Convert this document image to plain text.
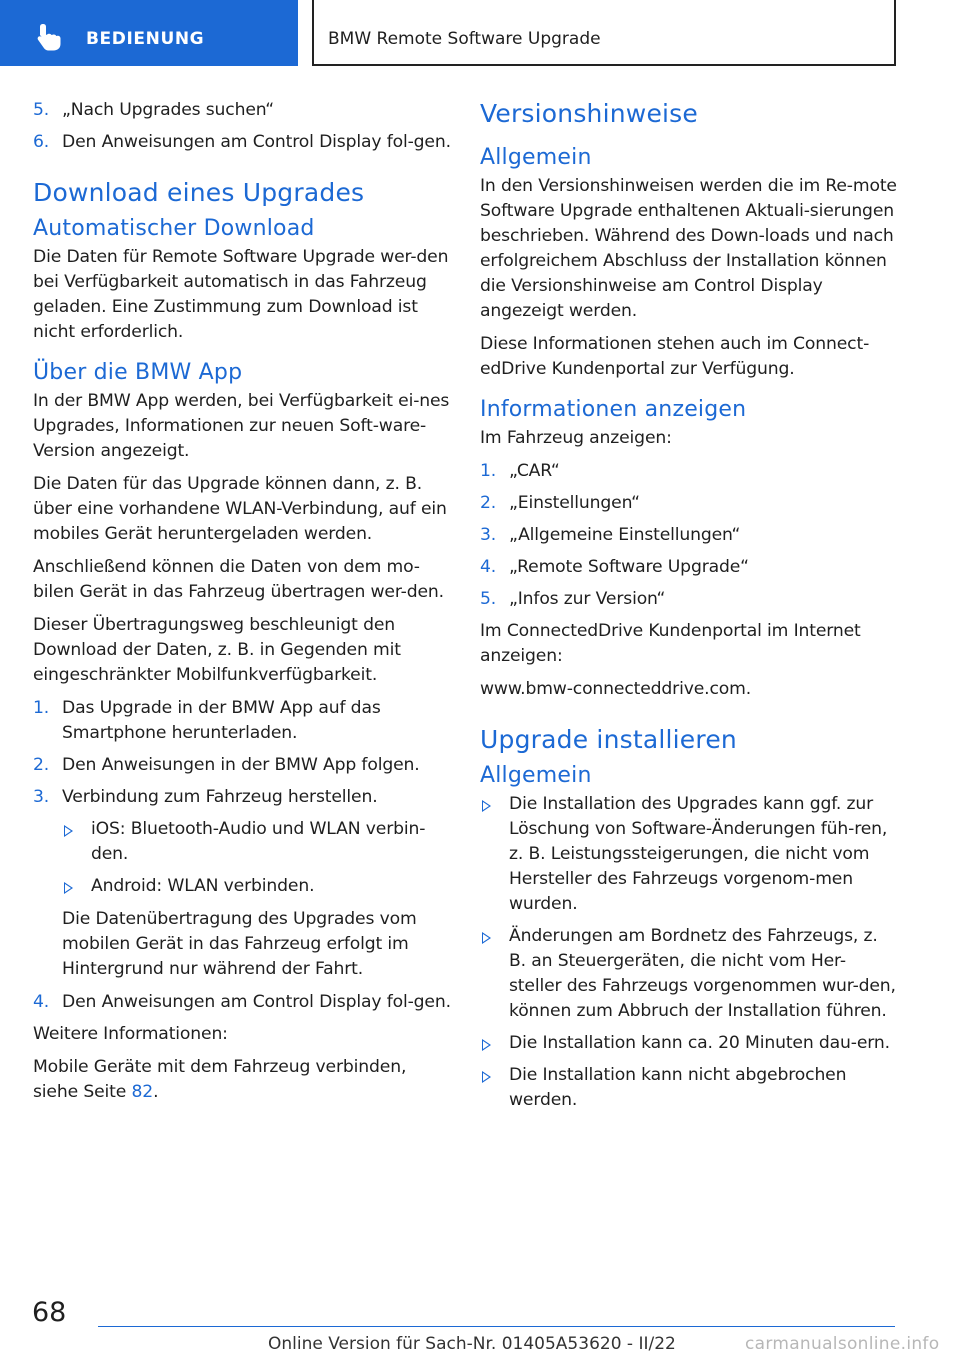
BEDIENUNG	BMW Remote Software Upgrade
5. „Nach Upgrades suchen“
6. Den Anweisungen am Control Display fol-gen.
Download eines Upgrades
Automatischer Download

Die Daten für Remote Software Upgrade wer-den bei Verfügbarkeit automatisch in das Fahrzeug geladen. Eine Zustimmung zum Download ist nicht erforderlich.

Über die BMW App

In der BMW App werden, bei Verfügbarkeit ei-nes Upgrades, Informationen zur neuen Soft-ware-Version angezeigt.

Die Daten für das Upgrade können dann, z. B. über eine vorhandene WLAN-Verbindung, auf ein mobiles Gerät heruntergeladen werden.

Anschließend können die Daten von dem mo-bilen Gerät in das Fahrzeug übertragen wer-den.

Dieser Übertragungsweg beschleunigt den Download der Daten, z. B. in Gegenden mit eingeschränkter Mobilfunkverfügbarkeit.

1. Das Upgrade in der BMW App auf das Smartphone herunterladen.
2. Den Anweisungen in der BMW App folgen.
3. Verbindung zum Fahrzeug herstellen.
iOS: Bluetooth-Audio und WLAN verbin-den.
Android: WLAN verbinden.

Die Datenübertragung des Upgrades vom mobilen Gerät in das Fahrzeug erfolgt im Hintergrund nur während der Fahrt.

4. Den Anweisungen am Control Display fol-gen.

Weitere Informationen:

Mobile Geräte mit dem Fahrzeug verbinden, siehe Seite 82.

Versionshinweise
Allgemein

In den Versionshinweisen werden die im Re-mote Software Upgrade enthaltenen Aktuali-sierungen beschrieben. Während des Down-loads und nach erfolgreichem Abschluss der Installation können die Versionshinweise am Control Display angezeigt werden.

Diese Informationen stehen auch im Connect-edDrive Kundenportal zur Verfügung.

Informationen anzeigen

Im Fahrzeug anzeigen:

1. „CAR“
2. „Einstellungen“
3. „Allgemeine Einstellungen“
4. „Remote Software Upgrade“
5. „Infos zur Version“

Im ConnectedDrive Kundenportal im Internet anzeigen:

www.bmw-connecteddrive.com.

Upgrade installieren
Allgemein
Die Installation des Upgrades kann ggf. zur Löschung von Software-Änderungen füh-ren, z. B. Leistungssteigerungen, die nicht vom Hersteller des Fahrzeugs vorgenom-men wurden.
Änderungen am Bordnetz des Fahrzeugs, z. B. an Steuergeräten, die nicht vom Her-steller des Fahrzeugs vorgenommen wur-den, können zum Abbruch der Installation führen.
Die Installation kann ca. 20 Minuten dau-ern.
Die Installation kann nicht abgebrochen werden.
68
Online Version für Sach-Nr. 01405A53620 - II/22	carmanualsonline.info
